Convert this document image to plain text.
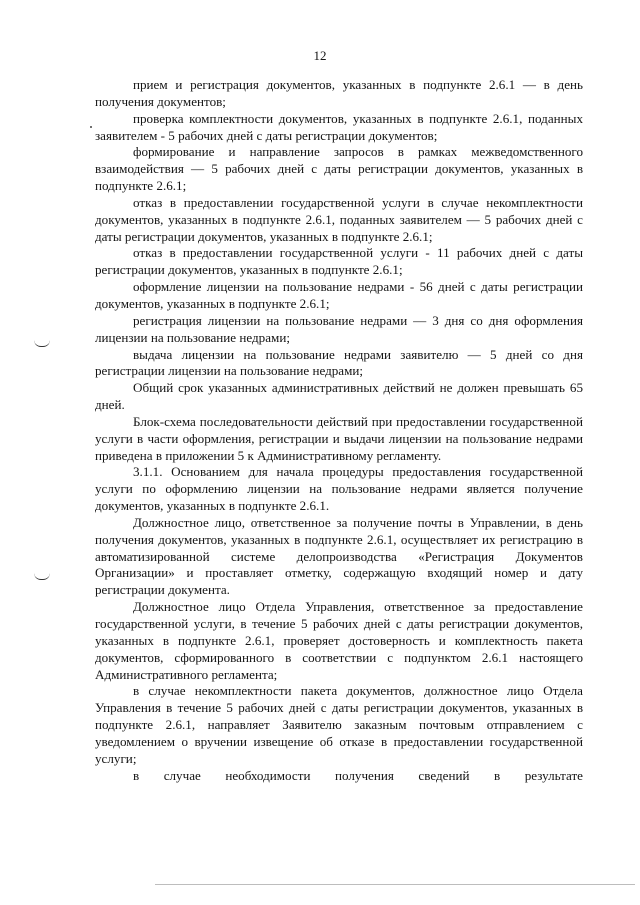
12

прием и регистрация документов, указанных в подпункте 2.6.1 — в день получения документов;

проверка комплектности документов, указанных в подпункте 2.6.1, поданных заявителем - 5 рабочих дней с даты регистрации документов;

формирование и направление запросов в рамках межведомственного взаимодействия — 5 рабочих дней с даты регистрации документов, указанных в подпункте 2.6.1;

отказ в предоставлении государственной услуги в случае некомплектности документов, указанных в подпункте 2.6.1, поданных заявителем — 5 рабочих дней с даты регистрации документов, указанных в подпункте 2.6.1;

отказ в предоставлении государственной услуги - 11 рабочих дней с даты регистрации документов, указанных в подпункте 2.6.1;

оформление лицензии на пользование недрами - 56 дней с даты регистрации документов, указанных в подпункте 2.6.1;

регистрация лицензии на пользование недрами — 3 дня со дня оформления лицензии на пользование недрами;

выдача лицензии на пользование недрами заявителю — 5 дней со дня регистрации лицензии на пользование недрами;

Общий срок указанных административных действий не должен превышать 65 дней.

Блок-схема последовательности действий при предоставлении государственной услуги в части оформления, регистрации и выдачи лицензии на пользование недрами приведена в приложении 5 к Административному регламенту.

3.1.1. Основанием для начала процедуры предоставления государственной услуги по оформлению лицензии на пользование недрами является получение документов, указанных в подпункте 2.6.1.

Должностное лицо, ответственное за получение почты в Управлении, в день получения документов, указанных в подпункте 2.6.1, осуществляет их регистрацию в автоматизированной системе делопроизводства «Регистрация Документов Организации» и проставляет отметку, содержащую входящий номер и дату регистрации документа.

Должностное лицо Отдела Управления, ответственное за предоставление государственной услуги, в течение 5 рабочих дней с даты регистрации документов, указанных в подпункте 2.6.1, проверяет достоверность и комплектность пакета документов, сформированного в соответствии с подпунктом 2.6.1 настоящего Административного регламента;

в случае некомплектности пакета документов, должностное лицо Отдела Управления в течение 5 рабочих дней с даты регистрации документов, указанных в подпункте 2.6.1, направляет Заявителю заказным почтовым отправлением с уведомлением о вручении извещение об отказе в предоставлении государственной услуги;

в случае необходимости получения сведений в результате
